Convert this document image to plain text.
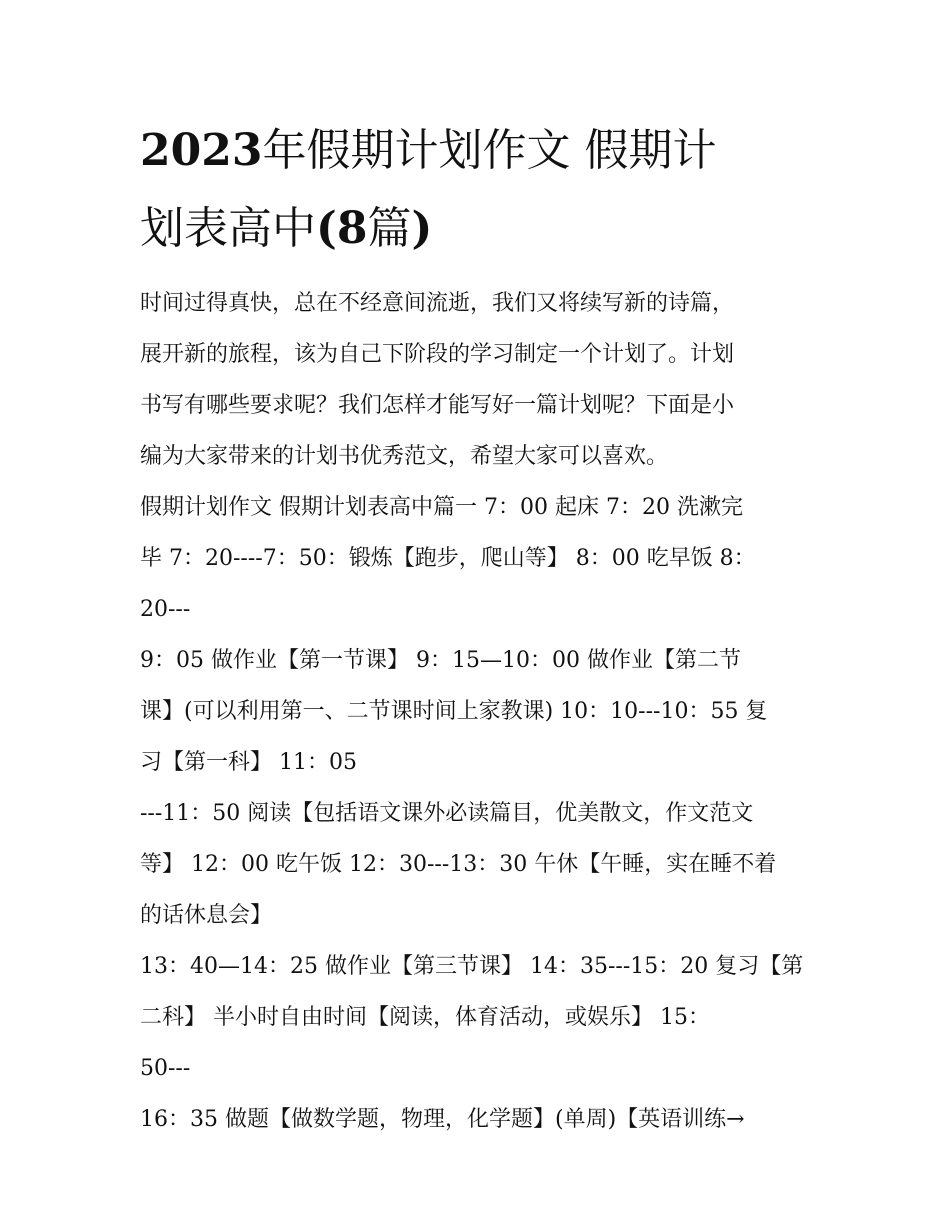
2023年假期计划作文 假期计
划表高中(8篇)
时间过得真快，总在不经意间流逝，我们又将续写新的诗篇，
展开新的旅程，该为自己下阶段的学习制定一个计划了。计划
书写有哪些要求呢？我们怎样才能写好一篇计划呢？下面是小
编为大家带来的计划书优秀范文，希望大家可以喜欢。
假期计划作文 假期计划表高中篇一 7：00 起床 7：20 洗漱完
毕 7：20----7：50：锻炼【跑步，爬山等】 8：00 吃早饭 8：
20---
9：05 做作业【第一节课】 9：15—10：00 做作业【第二节
课】(可以利用第一、二节课时间上家教课) 10：10---10：55 复
习【第一科】 11：05
---11：50 阅读【包括语文课外必读篇目，优美散文，作文范文
等】 12：00 吃午饭 12：30---13：30 午休【午睡，实在睡不着
的话休息会】
13：40—14：25 做作业【第三节课】 14：35---15：20 复习【第
二科】 半小时自由时间【阅读，体育活动，或娱乐】 15：
50---
16：35 做题【做数学题，物理，化学题】(单周)【英语训练→
